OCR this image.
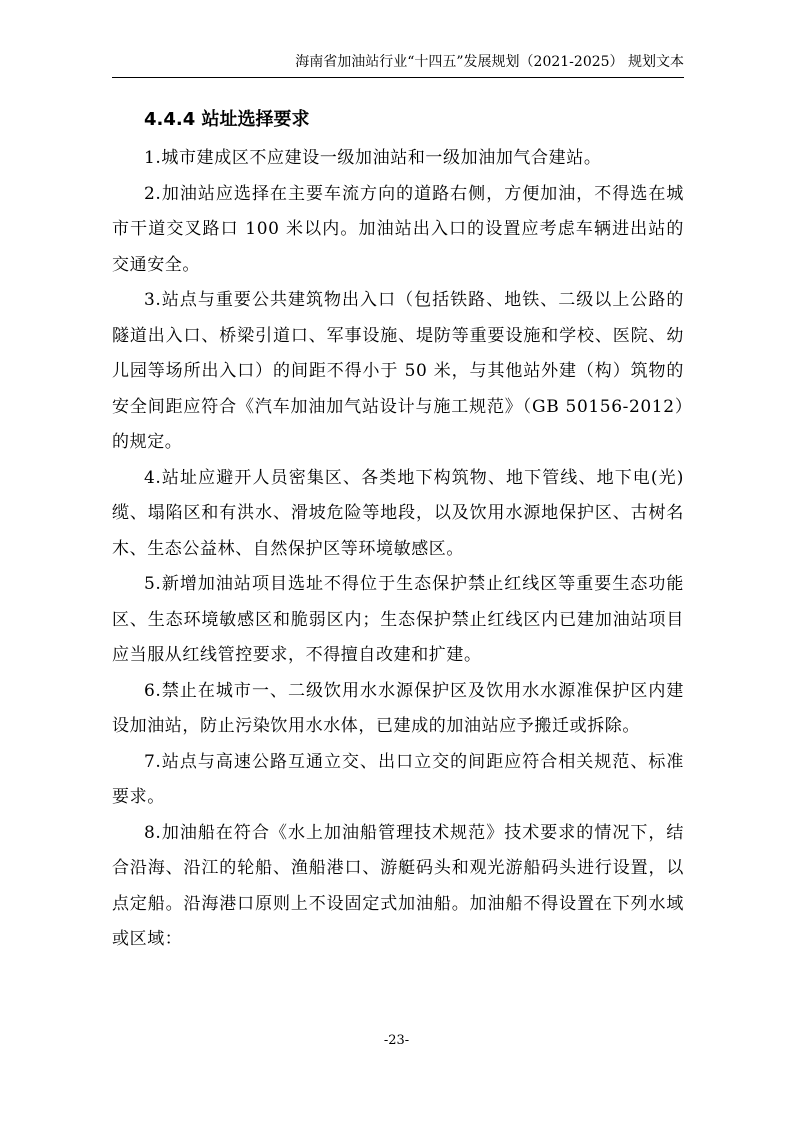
海南省加油站行业“十四五”发展规划（2021-2025） 规划文本
4.4.4 站址选择要求

1.城市建成区不应建设一级加油站和一级加油加气合建站。

2.加油站应选择在主要车流方向的道路右侧，方便加油，不得选在城市干道交叉路口 100 米以内。加油站出入口的设置应考虑车辆进出站的交通安全。

3.站点与重要公共建筑物出入口（包括铁路、地铁、二级以上公路的隧道出入口、桥梁引道口、军事设施、堤防等重要设施和学校、医院、幼儿园等场所出入口）的间距不得小于 50 米，与其他站外建（构）筑物的安全间距应符合《汽车加油加气站设计与施工规范》（GB 50156-2012）的规定。

4.站址应避开人员密集区、各类地下构筑物、地下管线、地下电(光)缆、塌陷区和有洪水、滑坡危险等地段，以及饮用水源地保护区、古树名木、生态公益林、自然保护区等环境敏感区。

5.新增加油站项目选址不得位于生态保护禁止红线区等重要生态功能区、生态环境敏感区和脆弱区内；生态保护禁止红线区内已建加油站项目应当服从红线管控要求，不得擅自改建和扩建。

6.禁止在城市一、二级饮用水水源保护区及饮用水水源准保护区内建设加油站，防止污染饮用水水体，已建成的加油站应予搬迁或拆除。

7.站点与高速公路互通立交、出口立交的间距应符合相关规范、标准要求。

8.加油船在符合《水上加油船管理技术规范》技术要求的情况下，结合沿海、沿江的轮船、渔船港口、游艇码头和观光游船码头进行设置，以点定船。沿海港口原则上不设固定式加油船。加油船不得设置在下列水域或区域：

-23-
